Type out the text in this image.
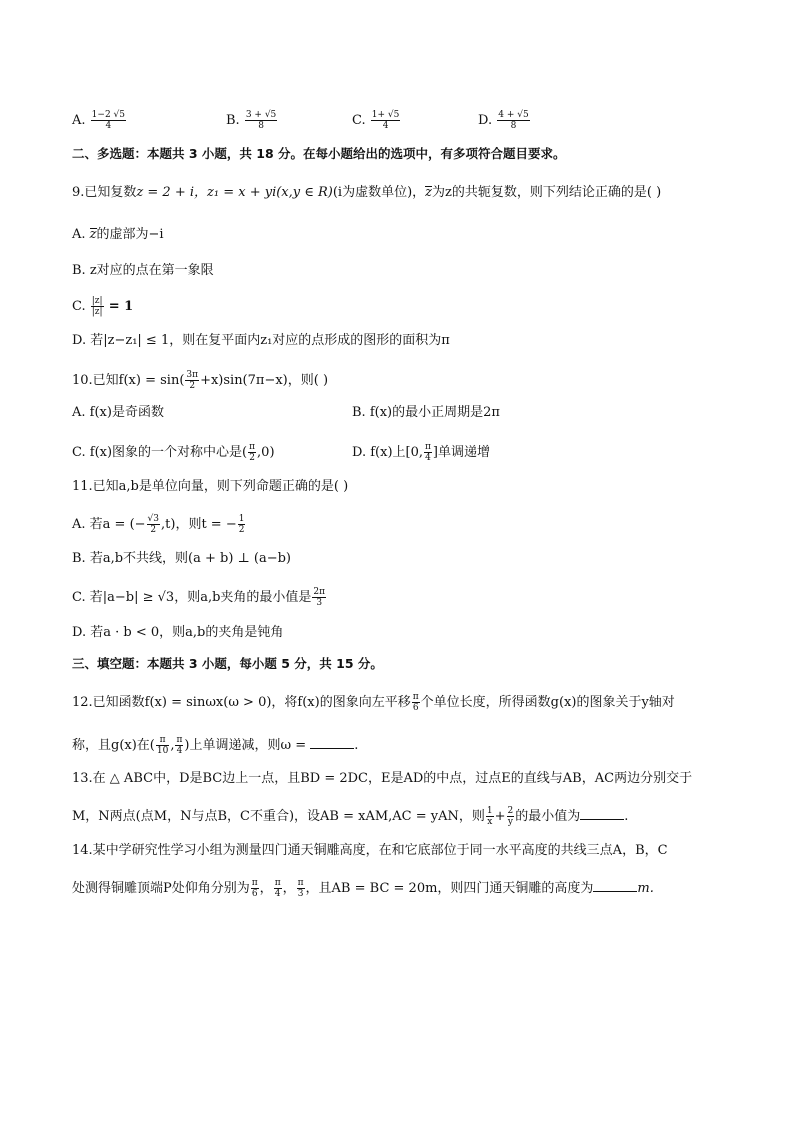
A. $\frac{1-2 √5}{4}$	B. $\frac{3 + √5}{8}$	C. $\frac{1+ √5}{4}$	D. $\frac{4 + √5}{8}$
二、多选题：本题共 3 小题，共 18 分。在每小题给出的选项中，有多项符合题目要求。
9.已知复数z = 2 + i，z₁ = x + yi(x,y ∈ R)(i为虚数单位)，z为z的共轭复数，则下列结论正确的是( )
A. z的虚部为−i
B. z对应的点在第一象限
C. $\frac{|z|}{|z|} = 1$
D. 若|z−z₁| ≤ 1，则在复平面内z₁对应的点形成的图形的面积为π
10.已知$f(x) = \sin( \frac{3\pi}{2} +x)\sin(7\pi-x)$，则( )
A. f(x)是奇函数	B. f(x)的最小正周期是2π
C. f(x)图象的一个对称中心是( $\frac{\pi}{2} ,0$)	D. f(x)上[0, $\frac{\pi}{4}$ ]单调递增
11.已知a,b是单位向量，则下列命题正确的是( )
A. 若a = (− $\frac{√3}{2} ,t$)，则t = − $\frac{1}{2}$
B. 若a,b不共线，则(a + b) ⊥ (a−b)
C. 若|a−b| ≥ √3，则a,b夹角的最小值是 $\frac{2\pi}{3}$
D. 若a · b < 0，则a,b的夹角是钝角
三、填空题：本题共 3 小题，每小题 5 分，共 15 分。
12.已知函数f(x) = sinωx(ω > 0)，将f(x)的图象向左平移 $\frac{\pi}{6}$ 个单位长度，所得函数g(x)的图象关于y轴对
称，且g(x)在( $\frac{\pi}{10}$ , $\frac{\pi}{4}$ )上单调递减，则ω =	.
13.在 △ ABC中，D是BC边上一点，且BD = 2DC，E是AD的中点，过点E的直线与AB，AC两边分别交于
M，N两点(点M，N与点B，C不重合)，设AB = xAM,AC = yAN，则 $\frac{1}{x} + \frac{2}{y}$ 的最小值为	.
14.某中学研究性学习小组为测量四门通天铜雕高度，在和它底部位于同一水平高度的共线三点A，B，C
处测得铜雕顶端P处仰角分别为 $\frac{\pi}{6}$ ， $\frac{\pi}{4}$ ， $\frac{\pi}{3}$ ，且AB = BC = 20m，则四门通天铜雕的高度为	m.
